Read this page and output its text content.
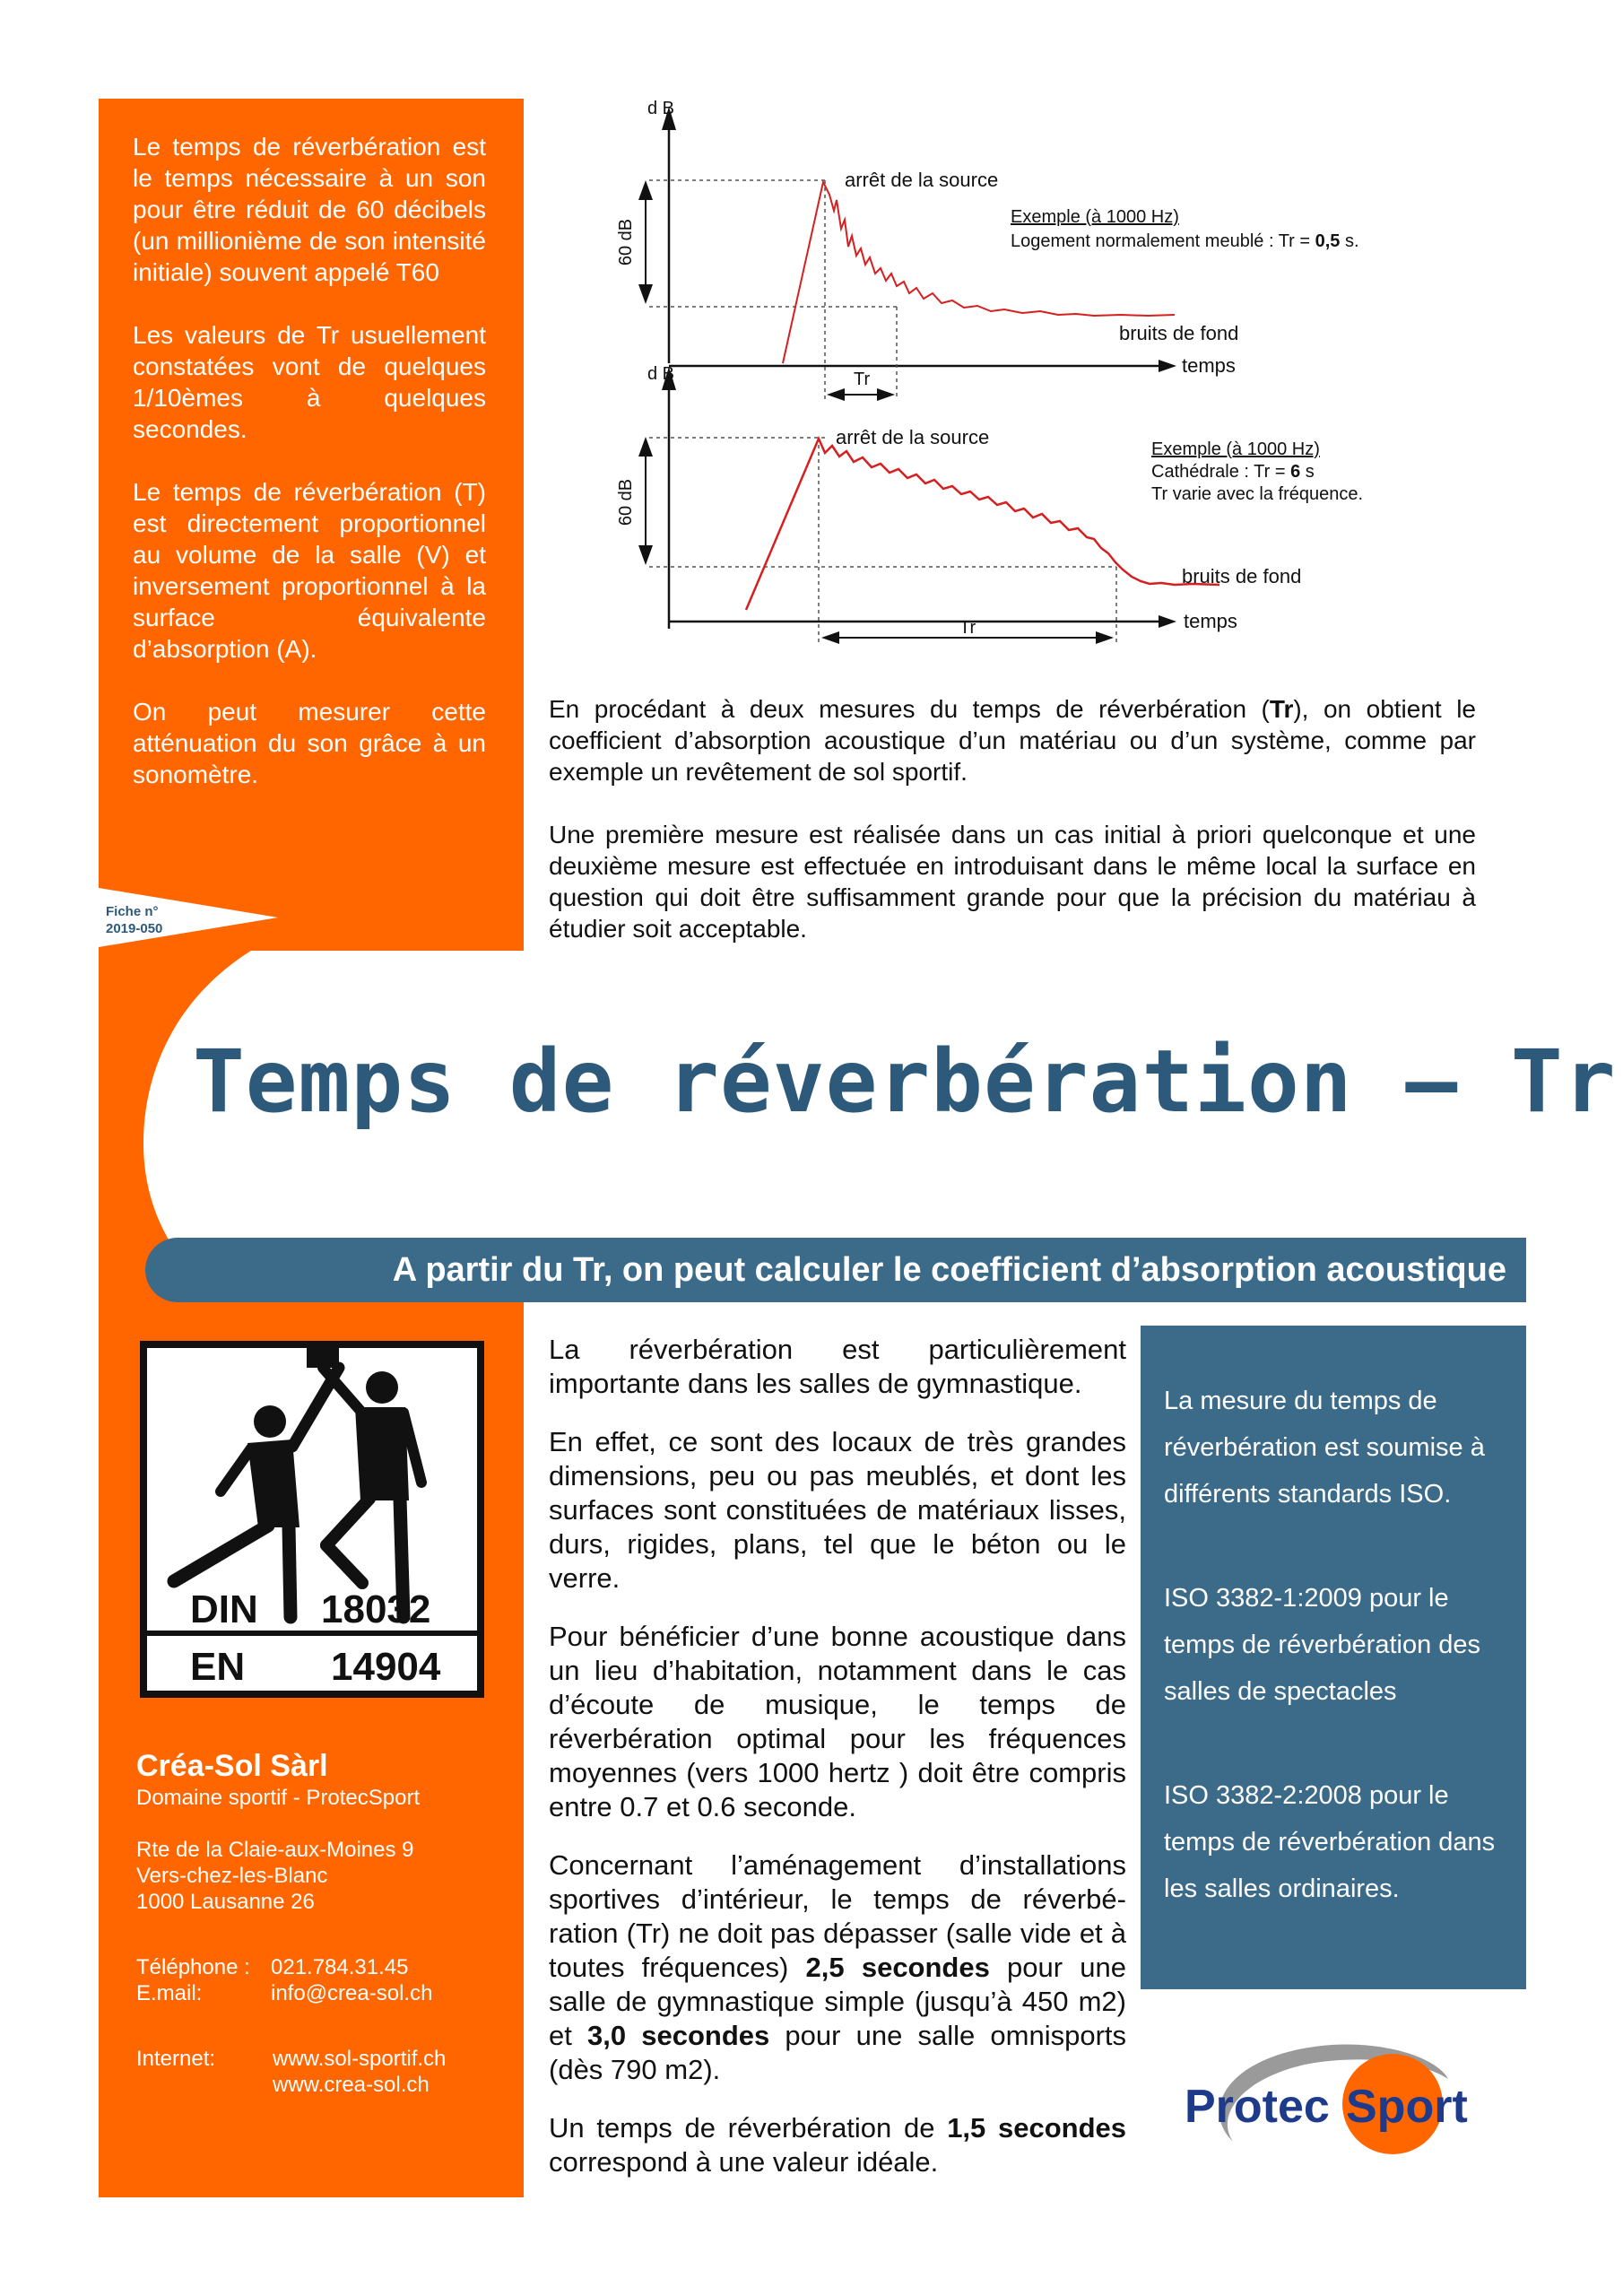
Le temps de réverbération est le temps nécessaire à un son pour être réduit de 60 décibels (un millionième de son intensité initiale) souvent appelé T60

Les valeurs de Tr usuellement constatées vont de quelques 1/10èmes à quelques secondes.

Le temps de réverbération (T) est directement proportionnel au volume de la salle (V) et inversement proportionnel à la surface équivalente d’absorption (A).

On peut mesurer cette atténuation du son grâce à un sonomètre.

Fiche n°
2019-050
d B
temps
60 dB
arrêt de la source
Exemple (à 1000 Hz)
Logement normalement meublé : Tr = 0,5 s.
bruits de fond
Tr
d B
temps
60 dB
arrêt de la source
Exemple (à 1000 Hz)
Cathédrale : Tr = 6 s
Tr varie avec la fréquence.
bruits de fond
Tr

En procédant à deux mesures du temps de réverbération (Tr), on obtient le coefficient d’absorption acoustique d’un matériau ou d’un système, comme par exemple un revêtement de sol sportif.

Une première mesure est réalisée dans un cas initial à priori quelconque et une deuxième mesure est effectuée en introduisant dans le même local la surface en question qui doit être suffisamment grande pour que la précision du matériau à étudier soit acceptable.

Temps de réverbération – Tr
A partir du Tr, on peut calculer le coefficient d’absorption acoustique
DIN 18032
EN 14904
Créa-Sol Sàrl
Domaine sportif - ProtecSport
Rte de la Claie-aux-Moines 9
Vers-chez-les-Blanc
1000 Lausanne 26
Téléphone : 021.784.31.45
E.mail:	info@crea-sol.ch
Internet:	www.sol-sportif.ch
www.crea-sol.ch

La réverbération est particulièrement importante dans les salles de gymnastique.

En effet, ce sont des locaux de très grandes dimensions, peu ou pas meublés, et dont les surfaces sont constituées de matériaux lisses, durs, rigides, plans, tel que le béton ou le verre.

Pour bénéficier d’une bonne acoustique dans un lieu d’habitation, notamment dans le cas d’écoute de musique, le temps de réverbération optimal pour les fréquences moyennes (vers 1000 hertz ) doit être compris entre 0.7 et 0.6 seconde.

Concernant l’aménagement d’installations sportives d’intérieur, le temps de réverbé-ration (Tr) ne doit pas dépasser (salle vide et à toutes fréquences) 2,5 secondes pour une salle de gymnastique simple (jusqu’à 450 m2) et 3,0 secondes pour une salle omnisports (dès 790 m2).

Un temps de réverbération de 1,5 secondes correspond à une valeur idéale.

La mesure du temps de réverbération est soumise à différents standards ISO.

ISO 3382-1:2009 pour le temps de réverbération des salles de spectacles

ISO 3382-2:2008 pour le temps de réverbération dans les salles ordinaires.

Protec Sport
